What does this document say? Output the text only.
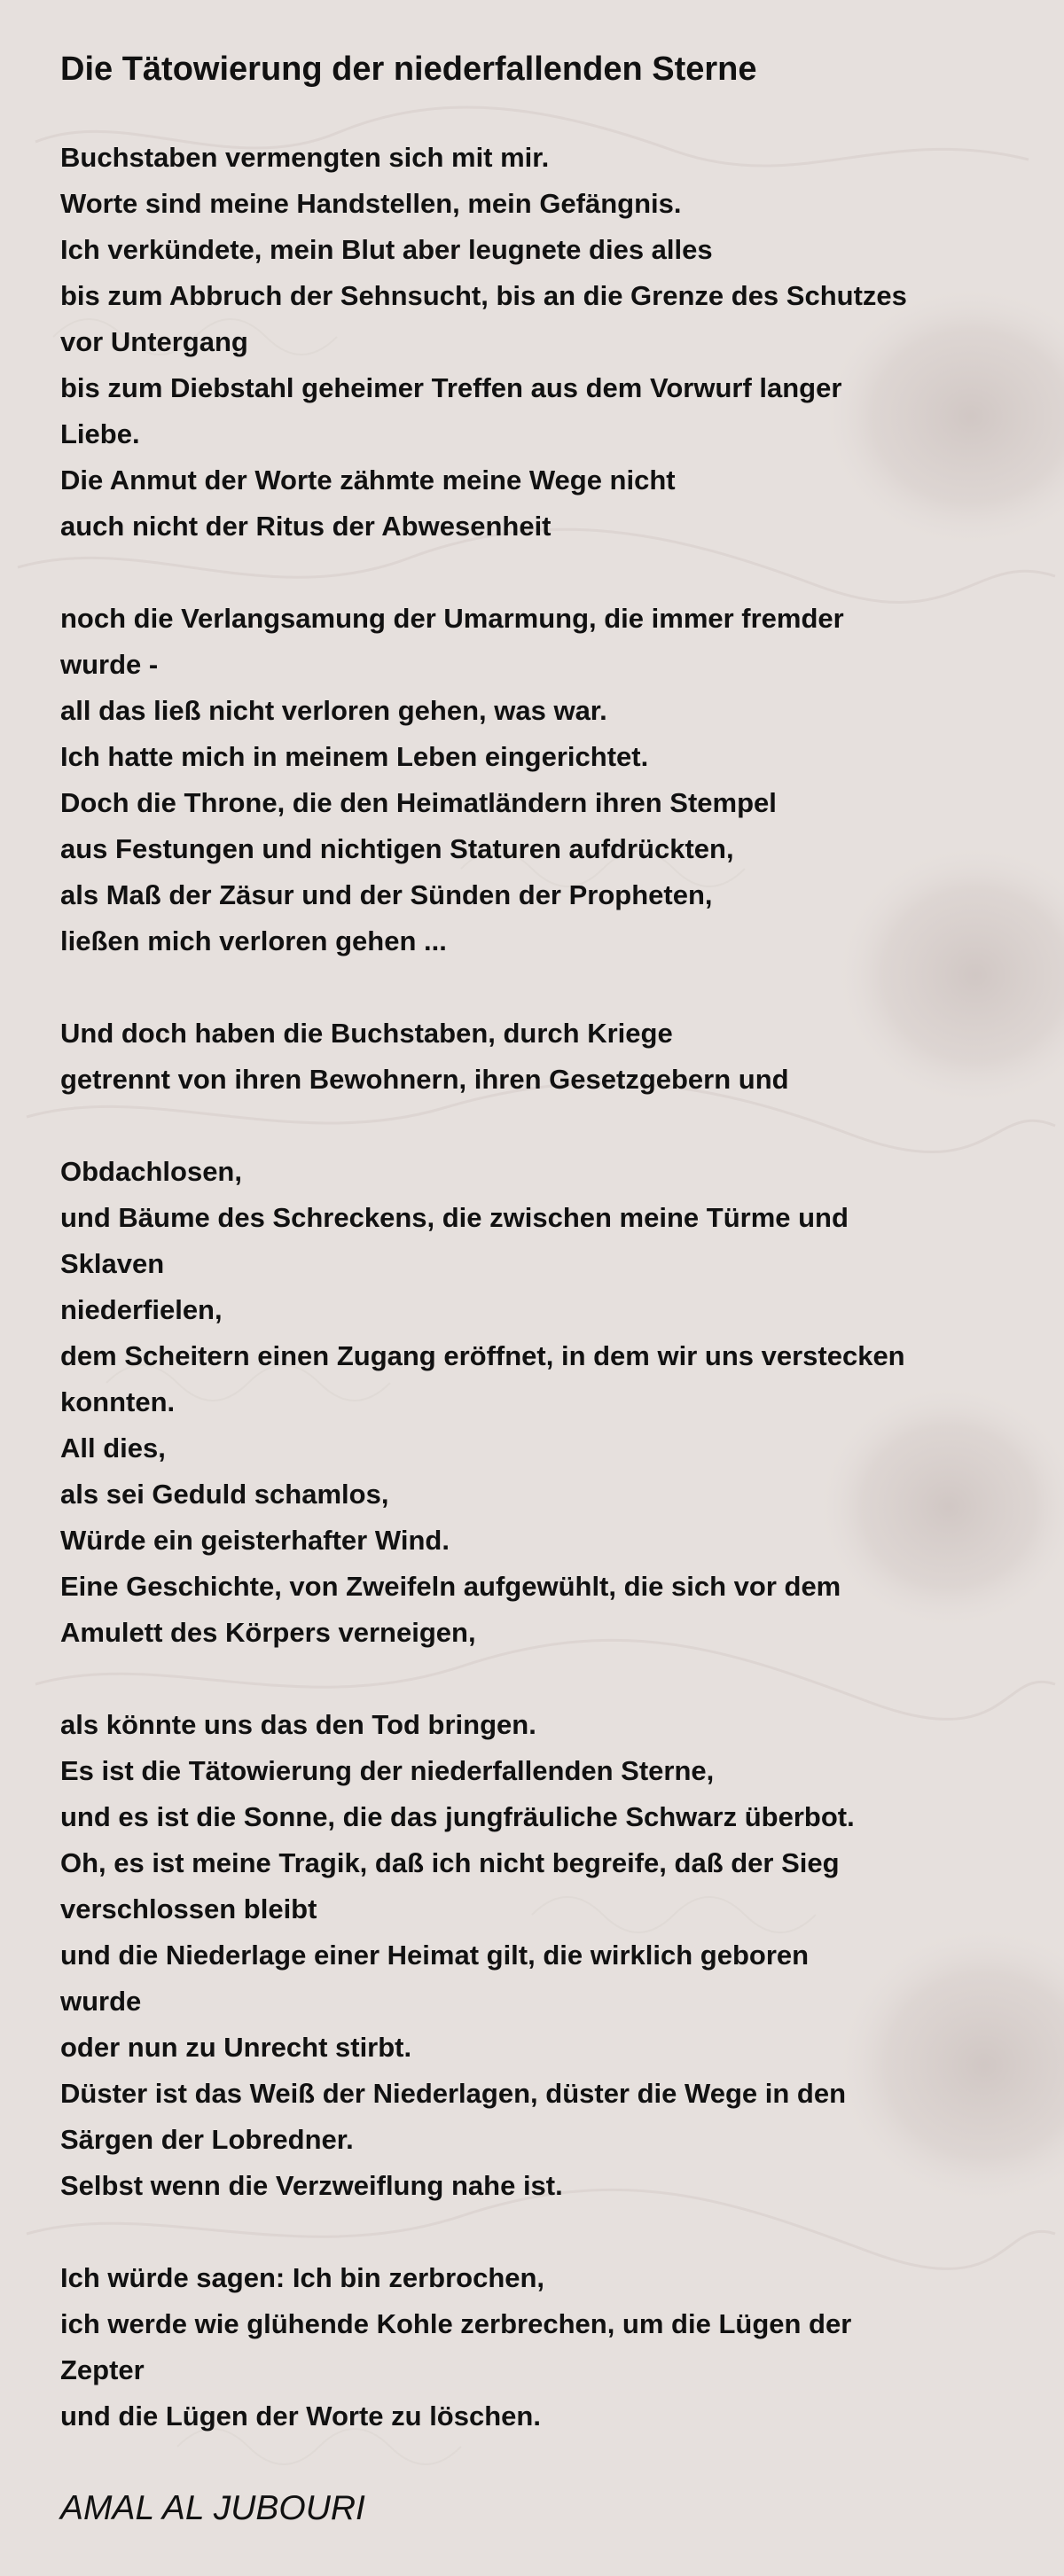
Die Tätowierung der niederfallenden Sterne
Buchstaben vermengten sich mit mir.
Worte sind meine Handstellen, mein Gefängnis.
Ich verkündete, mein Blut aber leugnete dies alles
bis zum Abbruch der Sehnsucht, bis an die Grenze des Schutzes
vor Untergang
bis zum Diebstahl geheimer Treffen aus dem Vorwurf langer
Liebe.
Die Anmut der Worte zähmte meine Wege nicht
auch nicht der Ritus der Abwesenheit
noch die Verlangsamung der Umarmung, die immer fremder
wurde -
all das ließ nicht verloren gehen, was war.
Ich hatte mich in meinem Leben eingerichtet.
Doch die Throne, die den Heimatländern ihren Stempel
aus Festungen und nichtigen Staturen aufdrückten,
als Maß der Zäsur und der Sünden der Propheten,
ließen mich verloren gehen ...
Und doch haben die Buchstaben, durch Kriege
getrennt von ihren Bewohnern, ihren Gesetzgebern und
Obdachlosen,
und Bäume des Schreckens, die zwischen meine Türme und
Sklaven
niederfielen,
dem Scheitern einen Zugang eröffnet, in dem wir uns verstecken
konnten.
All dies,
als sei Geduld schamlos,
Würde ein geisterhafter Wind.
Eine Geschichte, von Zweifeln aufgewühlt, die sich vor dem
Amulett des Körpers verneigen,
als könnte uns das den Tod bringen.
Es ist die Tätowierung der niederfallenden Sterne,
und es ist die Sonne, die das jungfräuliche Schwarz überbot.
Oh, es ist meine Tragik, daß ich nicht begreife, daß der Sieg
verschlossen bleibt
und die Niederlage einer Heimat gilt, die wirklich geboren
wurde
oder nun zu Unrecht stirbt.
Düster ist das Weiß der Niederlagen, düster die Wege in den
Särgen der Lobredner.
Selbst wenn die Verzweiflung nahe ist.
Ich würde sagen: Ich bin zerbrochen,
ich werde wie glühende Kohle zerbrechen, um die Lügen der
Zepter
und die Lügen der Worte zu löschen.

AMAL AL JUBOURI
